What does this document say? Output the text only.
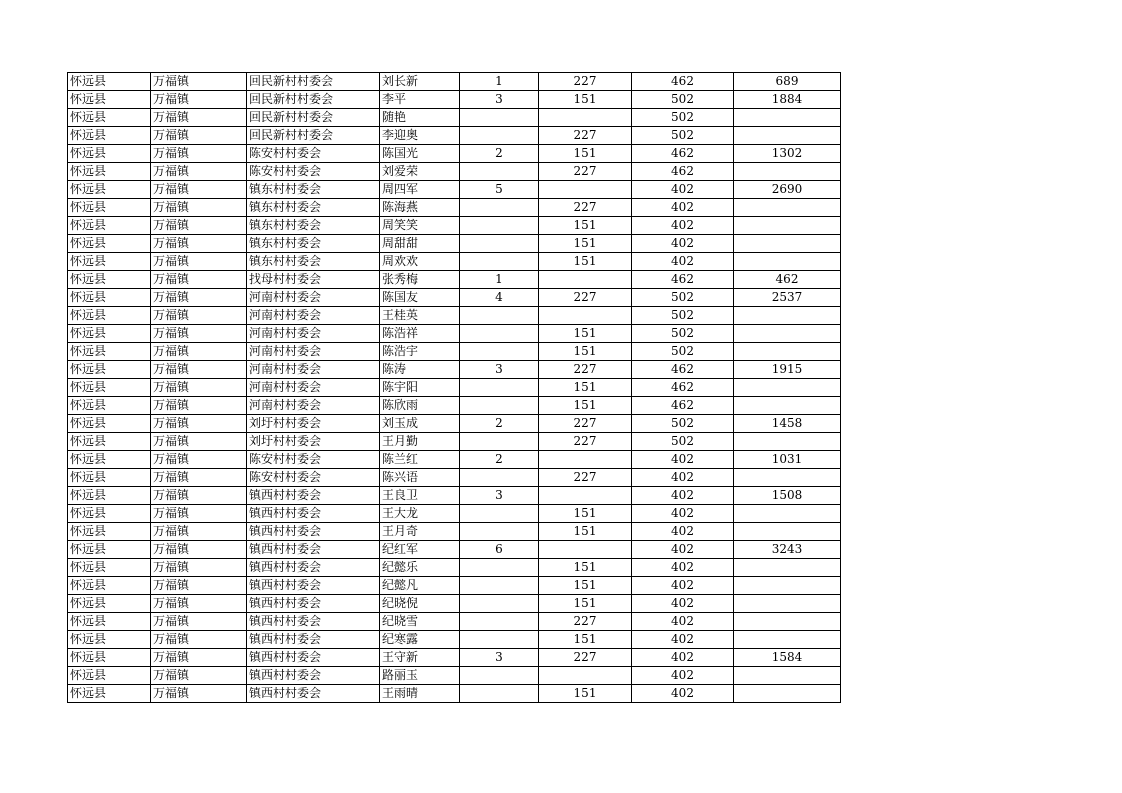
怀远县	万福镇	回民新村村委会	刘长新	1	227	462	689
怀远县	万福镇	回民新村村委会	李平	3	151	502	1884
怀远县	万福镇	回民新村村委会	随艳			502	
怀远县	万福镇	回民新村村委会	李迎奥		227	502	
怀远县	万福镇	陈安村村委会	陈国光	2	151	462	1302
怀远县	万福镇	陈安村村委会	刘爱荣		227	462	
怀远县	万福镇	镇东村村委会	周四军	5		402	2690
怀远县	万福镇	镇东村村委会	陈海燕		227	402	
怀远县	万福镇	镇东村村委会	周笑笑		151	402	
怀远县	万福镇	镇东村村委会	周甜甜		151	402	
怀远县	万福镇	镇东村村委会	周欢欢		151	402	
怀远县	万福镇	找母村村委会	张秀梅	1		462	462
怀远县	万福镇	河南村村委会	陈国友	4	227	502	2537
怀远县	万福镇	河南村村委会	王桂英			502	
怀远县	万福镇	河南村村委会	陈浩祥		151	502	
怀远县	万福镇	河南村村委会	陈浩宇		151	502	
怀远县	万福镇	河南村村委会	陈涛	3	227	462	1915
怀远县	万福镇	河南村村委会	陈宇阳		151	462	
怀远县	万福镇	河南村村委会	陈欣雨		151	462	
怀远县	万福镇	刘圩村村委会	刘玉成	2	227	502	1458
怀远县	万福镇	刘圩村村委会	王月勤		227	502	
怀远县	万福镇	陈安村村委会	陈兰红	2		402	1031
怀远县	万福镇	陈安村村委会	陈兴语		227	402	
怀远县	万福镇	镇西村村委会	王良卫	3		402	1508
怀远县	万福镇	镇西村村委会	王大龙		151	402	
怀远县	万福镇	镇西村村委会	王月奇		151	402	
怀远县	万福镇	镇西村村委会	纪红军	6		402	3243
怀远县	万福镇	镇西村村委会	纪懿乐		151	402	
怀远县	万福镇	镇西村村委会	纪懿凡		151	402	
怀远县	万福镇	镇西村村委会	纪晓倪		151	402	
怀远县	万福镇	镇西村村委会	纪晓雪		227	402	
怀远县	万福镇	镇西村村委会	纪寒露		151	402	
怀远县	万福镇	镇西村村委会	王守新	3	227	402	1584
怀远县	万福镇	镇西村村委会	路丽玉			402	
怀远县	万福镇	镇西村村委会	王雨晴		151	402	
